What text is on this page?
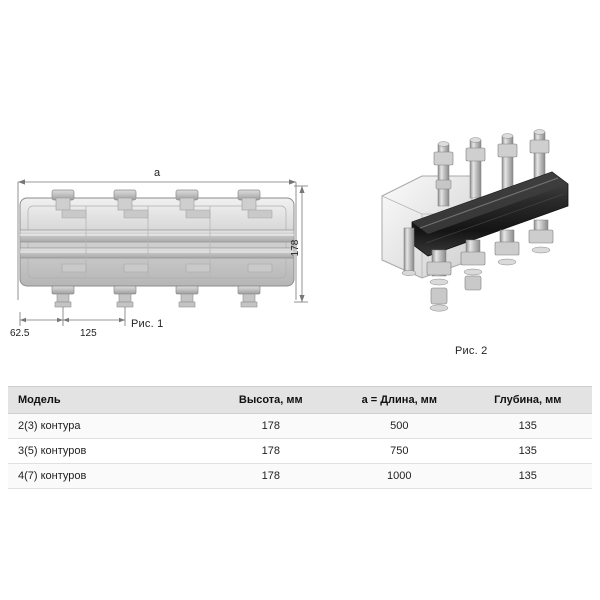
a
178
62.5	125
Рис. 1
Рис. 2
Модель	Высота, мм	a = Длина, мм	Глубина, мм
2(3) контура	178	500	135
3(5) контуров	178	750	135
4(7) контуров	178	1000	135
